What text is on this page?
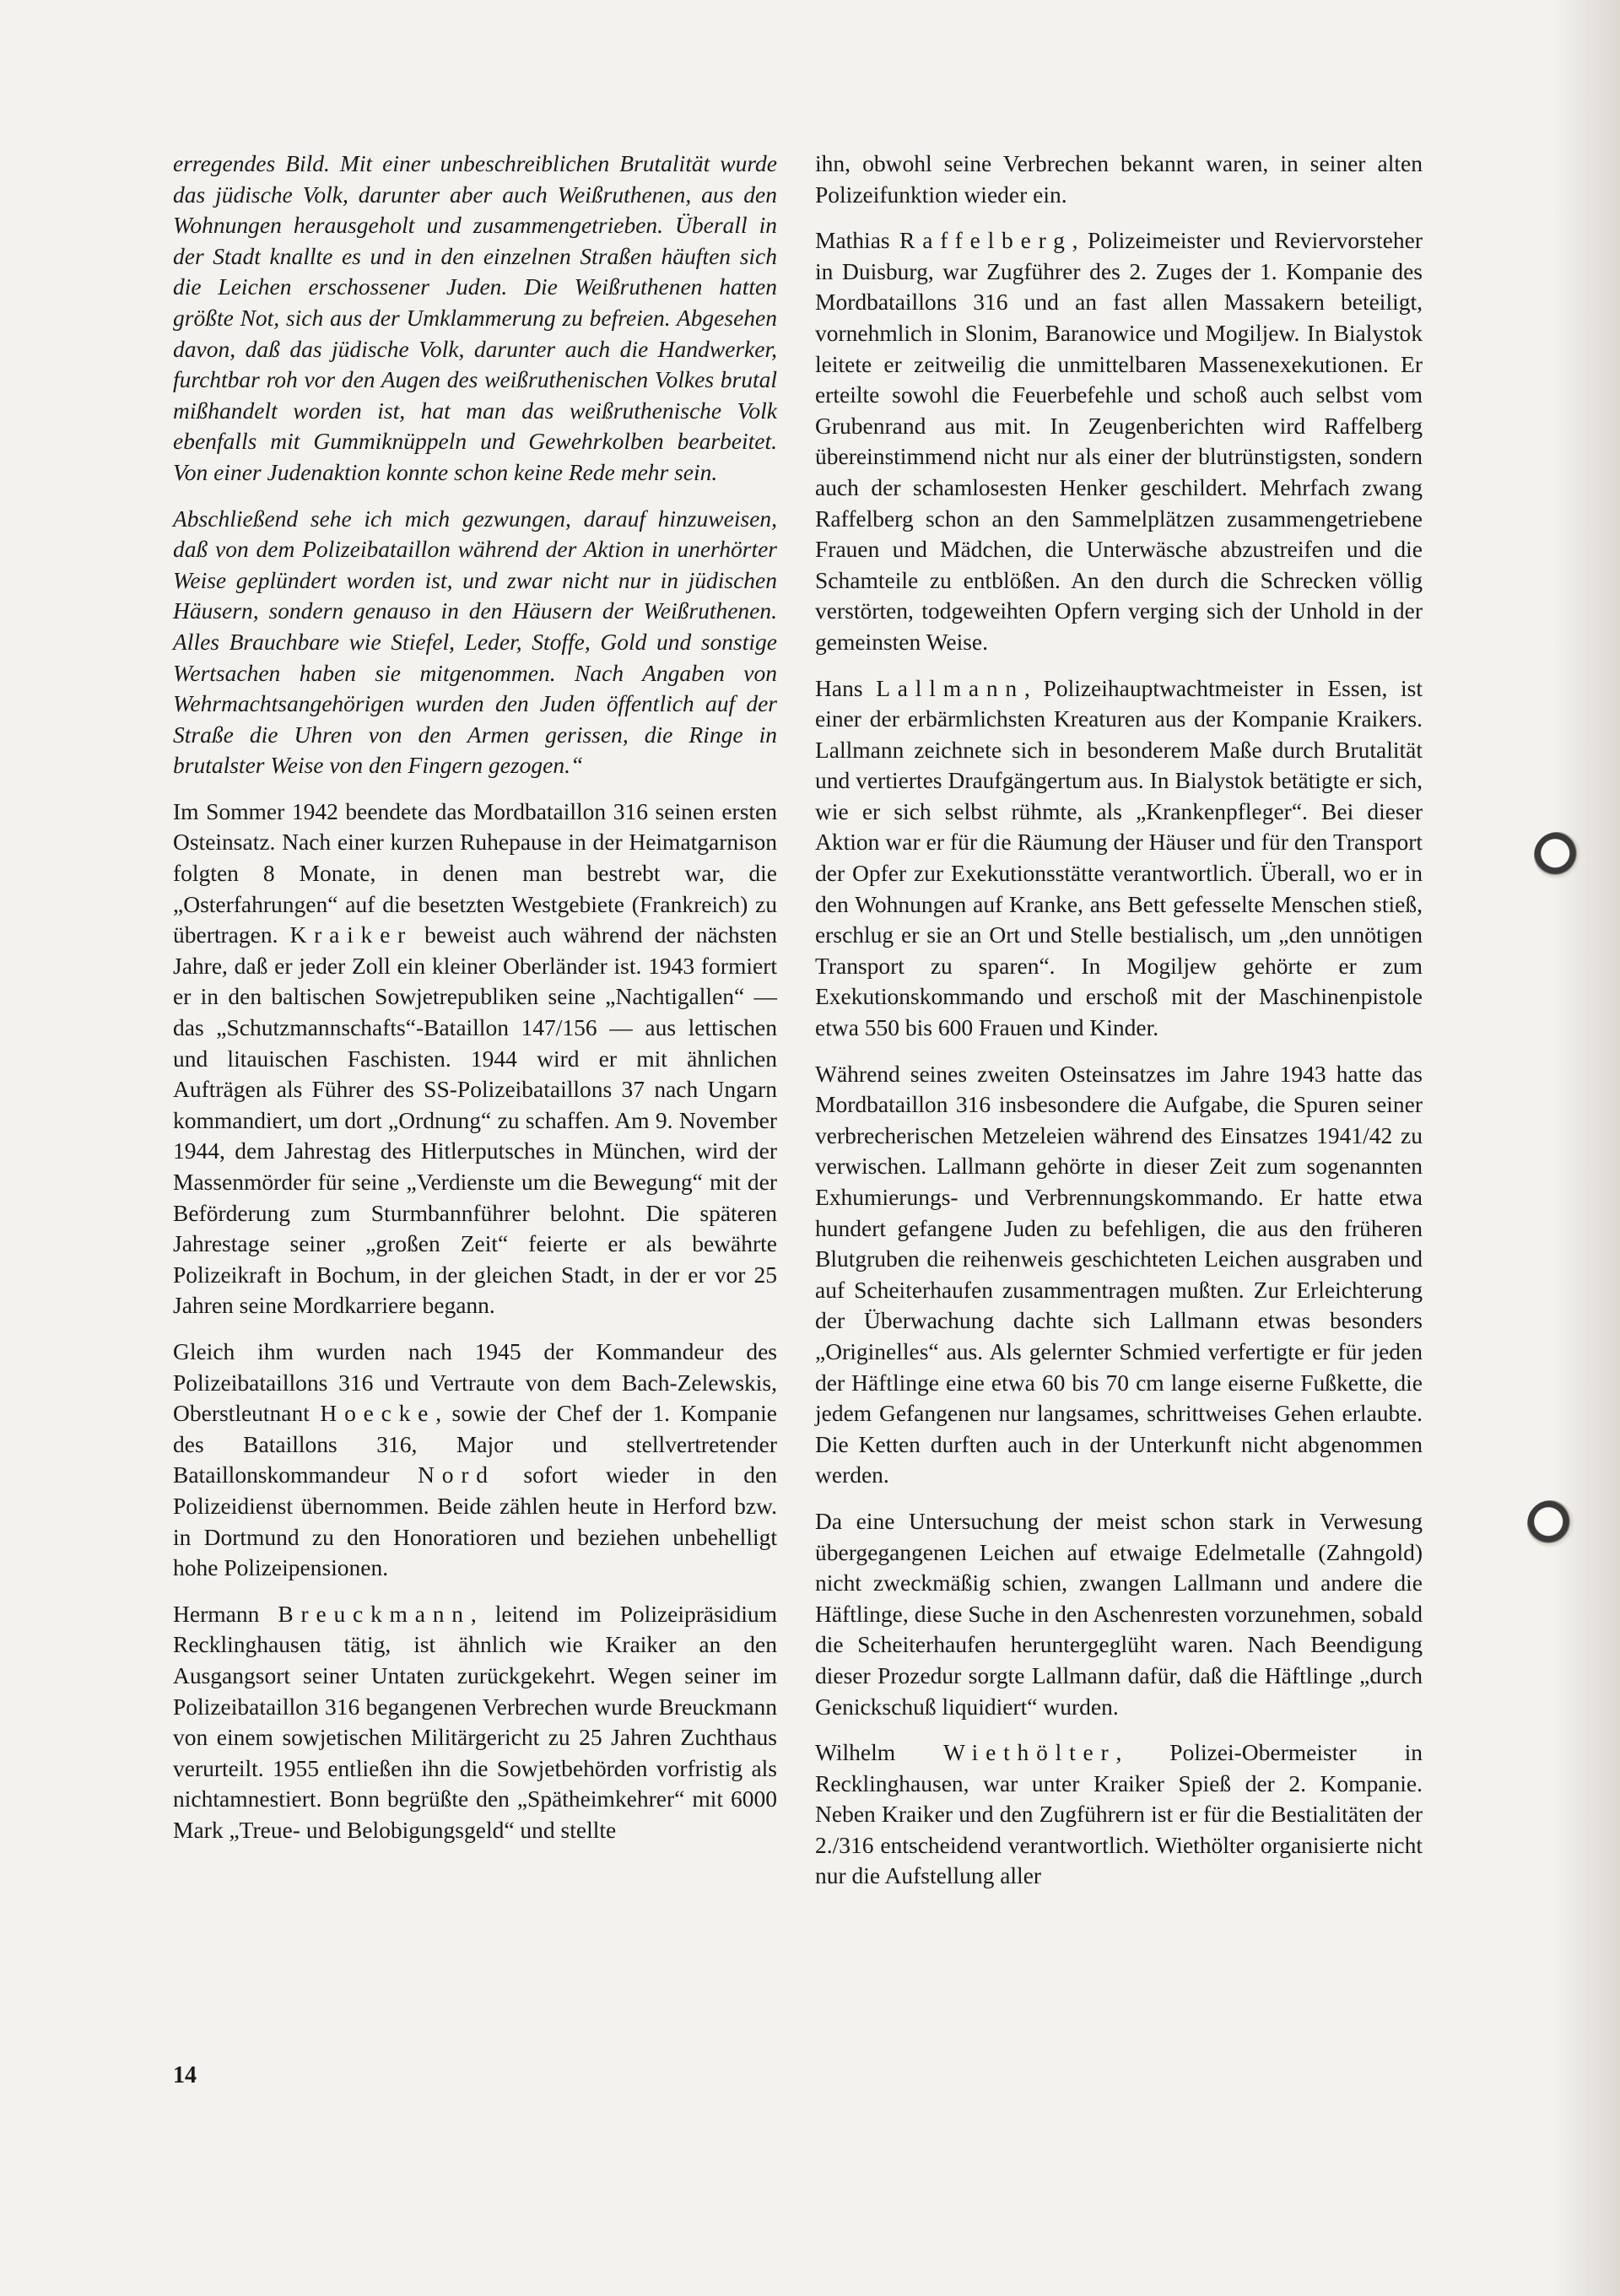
erregendes Bild. Mit einer unbeschreiblichen Brutalität wurde das jüdische Volk, darunter aber auch Weißruthenen, aus den Wohnungen herausgeholt und zusammengetrieben. Überall in der Stadt knallte es und in den einzelnen Straßen häuften sich die Leichen erschossener Juden. Die Weißruthenen hatten größte Not, sich aus der Umklammerung zu befreien. Abgesehen davon, daß das jüdische Volk, darunter auch die Handwerker, furchtbar roh vor den Augen des weißruthenischen Volkes brutal mißhandelt worden ist, hat man das weißruthenische Volk ebenfalls mit Gummiknüppeln und Gewehrkolben bearbeitet. Von einer Judenaktion konnte schon keine Rede mehr sein.

Abschließend sehe ich mich gezwungen, darauf hinzuweisen, daß von dem Polizeibataillon während der Aktion in unerhörter Weise geplündert worden ist, und zwar nicht nur in jüdischen Häusern, sondern genauso in den Häusern der Weißruthenen. Alles Brauchbare wie Stiefel, Leder, Stoffe, Gold und sonstige Wertsachen haben sie mitgenommen. Nach Angaben von Wehrmachtsangehörigen wurden den Juden öffentlich auf der Straße die Uhren von den Armen gerissen, die Ringe in brutalster Weise von den Fingern gezogen.“

Im Sommer 1942 beendete das Mordbataillon 316 seinen ersten Osteinsatz. Nach einer kurzen Ruhepause in der Heimatgarnison folgten 8 Monate, in denen man bestrebt war, die „Osterfahrungen“ auf die besetzten Westgebiete (Frankreich) zu übertragen. Kraiker beweist auch während der nächsten Jahre, daß er jeder Zoll ein kleiner Oberländer ist. 1943 formiert er in den baltischen Sowjetrepubliken seine „Nachtigallen“ — das „Schutzmannschafts“-Bataillon 147/156 — aus lettischen und litauischen Faschisten. 1944 wird er mit ähnlichen Aufträgen als Führer des SS-Polizeibataillons 37 nach Ungarn kommandiert, um dort „Ordnung“ zu schaffen. Am 9. November 1944, dem Jahrestag des Hitlerputsches in München, wird der Massenmörder für seine „Verdienste um die Bewegung“ mit der Beförderung zum Sturmbannführer belohnt. Die späteren Jahrestage seiner „großen Zeit“ feierte er als bewährte Polizeikraft in Bochum, in der gleichen Stadt, in der er vor 25 Jahren seine Mordkarriere begann.

Gleich ihm wurden nach 1945 der Kommandeur des Polizeibataillons 316 und Vertraute von dem Bach-Zelewskis, Oberstleutnant Hoecke, sowie der Chef der 1. Kompanie des Bataillons 316, Major und stellvertretender Bataillonskommandeur Nord sofort wieder in den Polizeidienst übernommen. Beide zählen heute in Herford bzw. in Dortmund zu den Honoratioren und beziehen unbehelligt hohe Polizeipensionen.

Hermann Breuckmann, leitend im Polizeipräsidium Recklinghausen tätig, ist ähnlich wie Kraiker an den Ausgangsort seiner Untaten zurückgekehrt. Wegen seiner im Polizeibataillon 316 begangenen Verbrechen wurde Breuckmann von einem sowjetischen Militärgericht zu 25 Jahren Zuchthaus verurteilt. 1955 entließen ihn die Sowjetbehörden vorfristig als nichtamnestiert. Bonn begrüßte den „Spätheimkehrer“ mit 6000 Mark „Treue- und Belobigungsgeld“ und stellte

ihn, obwohl seine Verbrechen bekannt waren, in seiner alten Polizeifunktion wieder ein.

Mathias Raffelberg, Polizeimeister und Reviervorsteher in Duisburg, war Zugführer des 2. Zuges der 1. Kompanie des Mordbataillons 316 und an fast allen Massakern beteiligt, vornehmlich in Slonim, Baranowice und Mogiljew. In Bialystok leitete er zeitweilig die unmittelbaren Massenexekutionen. Er erteilte sowohl die Feuerbefehle und schoß auch selbst vom Grubenrand aus mit. In Zeugenberichten wird Raffelberg übereinstimmend nicht nur als einer der blutrünstigsten, sondern auch der schamlosesten Henker geschildert. Mehrfach zwang Raffelberg schon an den Sammelplätzen zusammengetriebene Frauen und Mädchen, die Unterwäsche abzustreifen und die Schamteile zu entblößen. An den durch die Schrecken völlig verstörten, todgeweihten Opfern verging sich der Unhold in der gemeinsten Weise.

Hans Lallmann, Polizeihauptwachtmeister in Essen, ist einer der erbärmlichsten Kreaturen aus der Kompanie Kraikers. Lallmann zeichnete sich in besonderem Maße durch Brutalität und vertiertes Draufgängertum aus. In Bialystok betätigte er sich, wie er sich selbst rühmte, als „Krankenpfleger“. Bei dieser Aktion war er für die Räumung der Häuser und für den Transport der Opfer zur Exekutionsstätte verantwortlich. Überall, wo er in den Wohnungen auf Kranke, ans Bett gefesselte Menschen stieß, erschlug er sie an Ort und Stelle bestialisch, um „den unnötigen Transport zu sparen“. In Mogiljew gehörte er zum Exekutionskommando und erschoß mit der Maschinenpistole etwa 550 bis 600 Frauen und Kinder.

Während seines zweiten Osteinsatzes im Jahre 1943 hatte das Mordbataillon 316 insbesondere die Aufgabe, die Spuren seiner verbrecherischen Metzeleien während des Einsatzes 1941/42 zu verwischen. Lallmann gehörte in dieser Zeit zum sogenannten Exhumierungs- und Verbrennungskommando. Er hatte etwa hundert gefangene Juden zu befehligen, die aus den früheren Blutgruben die reihenweis geschichteten Leichen ausgraben und auf Scheiterhaufen zusammentragen mußten. Zur Erleichterung der Überwachung dachte sich Lallmann etwas besonders „Originelles“ aus. Als gelernter Schmied verfertigte er für jeden der Häftlinge eine etwa 60 bis 70 cm lange eiserne Fußkette, die jedem Gefangenen nur langsames, schrittweises Gehen erlaubte. Die Ketten durften auch in der Unterkunft nicht abgenommen werden.

Da eine Untersuchung der meist schon stark in Verwesung übergegangenen Leichen auf etwaige Edelmetalle (Zahngold) nicht zweckmäßig schien, zwangen Lallmann und andere die Häftlinge, diese Suche in den Aschenresten vorzunehmen, sobald die Scheiterhaufen heruntergeglüht waren. Nach Beendigung dieser Prozedur sorgte Lallmann dafür, daß die Häftlinge „durch Genickschuß liquidiert“ wurden.

Wilhelm Wiethölter, Polizei-Obermeister in Recklinghausen, war unter Kraiker Spieß der 2. Kompanie. Neben Kraiker und den Zugführern ist er für die Bestialitäten der 2./316 entscheidend verantwortlich. Wiethölter organisierte nicht nur die Aufstellung aller

14
